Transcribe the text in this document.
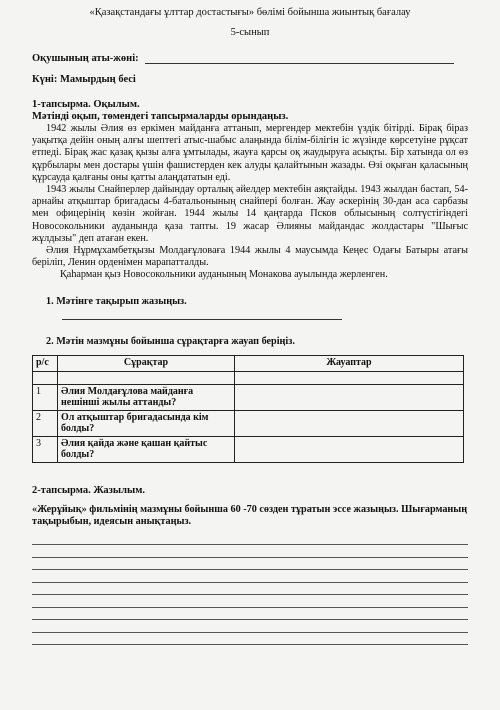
«Қазақстандағы ұлттар достастығы» бөлімі бойынша жиынтық бағалау
5-сынып
Оқушының аты-жөні:
Күні: Мамырдың бесі
1-тапсырма. Оқылым.
Мәтінді оқып, төмендегі тапсырмаларды орындаңыз.
1942 жылы Әлия өз еркімен майданға аттанып, мергендер мектебін үздік бітірді. Бірақ біраз уақытқа дейін оның алғы шептегі атыс-шабыс алаңында білім-білігін іс жүзінде көрсетуіне рұқсат етпеді. Бірақ жас қазақ қызы алға ұмтылады, жауға қарсы оқ жаудыруға асықты. Бір хатында ол өз құрбылары мен достары үшін фашистерден кек алуды қалайтынын жазады. Өзі оқыған қаласының құрсауда қалғаны оны қатты алаңдататын еді.
1943 жылы Снайперлер дайындау орталық әйелдер мектебін аяқтайды. 1943 жылдан бастап, 54-арнайы атқыштар бригадасы 4-батальонының снайпері болған. Жау әскерінің 30-дан аса сарбазы мен офицерінің көзін жойған. 1944 жылы 14 қаңтарда Псков облысының солтүстігіндегі Новосокольники ауданында қаза тапты. 19 жасар Әлияны майдандас жолдастары "Шығыс жұлдызы" деп атаған екен.
Әлия Нұрмұхамбетқызы Молдағұловаға 1944 жылы 4 маусымда Кеңес Одағы Батыры атағы беріліп, Ленин орденімен марапатталды.
Қаһарман қыз Новосокольники ауданының Монакова ауылында жерленген.
1. Мәтінге тақырып жазыңыз.
2. Мәтін мазмұны бойынша сұрақтарға жауап беріңіз.
р/с	Сұрақтар	Жауаптар

1	Әлия Молдағұлова майданға нешінші жылы аттанды?	
2	Ол атқыштар бригадасында кім болды?	
3	Әлия қайда және қашан қайтыс болды?	
2-тапсырма. Жазылым.
«Жерұйық» фильмінің мазмұны бойынша 60 -70 сөзден тұратын эссе жазыңыз. Шығарманың тақырыбын, идеясын анықтаңыз.
